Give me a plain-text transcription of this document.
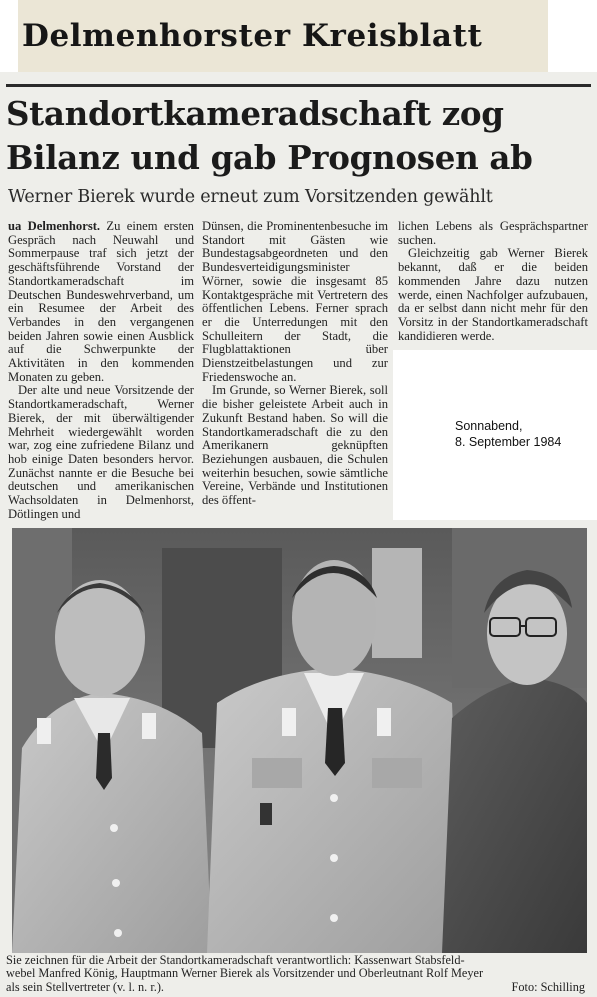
Delmenhorster Kreisblatt
Standortkameradschaft zog
Bilanz und gab Prognosen ab
Werner Bierek wurde erneut zum Vorsitzenden gewählt
ua Delmenhorst. Zu einem ersten Gespräch nach Neuwahl und Sommerpause traf sich jetzt der geschäftsführende Vorstand der Standortkameradschaft im Deutschen Bundeswehrverband, um ein Resumee der Arbeit des Verbandes in den vergangenen beiden Jahren sowie einen Ausblick auf die Schwerpunkte der Aktivitäten in den kommenden Monaten zu geben.
Der alte und neue Vorsitzende der Standortkameradschaft, Werner Bierek, der mit überwältigender Mehrheit wiedergewählt worden war, zog eine zufriedene Bilanz und hob einige Daten besonders hervor. Zunächst nannte er die Besuche bei deutschen und amerikanischen Wachsoldaten in Delmenhorst, Dötlingen und
Dünsen, die Prominentenbesuche im Standort mit Gästen wie Bundestagsabgeordneten und den Bundesverteidigungsminister Wörner, sowie die insgesamt 85 Kontaktgespräche mit Vertretern des öffentlichen Lebens. Ferner sprach er die Unterredungen mit den Schulleitern der Stadt, die Flugblattaktionen über Dienstzeitbelastungen und zur Friedenswoche an.
Im Grunde, so Werner Bierek, soll die bisher geleistete Arbeit auch in Zukunft Bestand haben. So will die Standortkameradschaft die zu den Amerikanern geknüpften Beziehungen ausbauen, die Schulen weiterhin besuchen, sowie sämtliche Vereine, Verbände und Institutionen des öffent-
lichen Lebens als Gesprächspartner suchen.
Gleichzeitig gab Werner Bierek bekannt, daß er die beiden kommenden Jahre dazu nutzen werde, einen Nachfolger aufzubauen, da er selbst dann nicht mehr für den Vorsitz in der Standortkameradschaft kandidieren werde.
Sonnabend,
8. September 1984
Sie zeichnen für die Arbeit der Standortkameradschaft verantwortlich: Kassenwart Stabsfeld-
webel Manfred König, Hauptmann Werner Bierek als Vorsitzender und Oberleutnant Rolf Meyer
als sein Stellvertreter (v. l. n. r.).	Foto: Schilling
